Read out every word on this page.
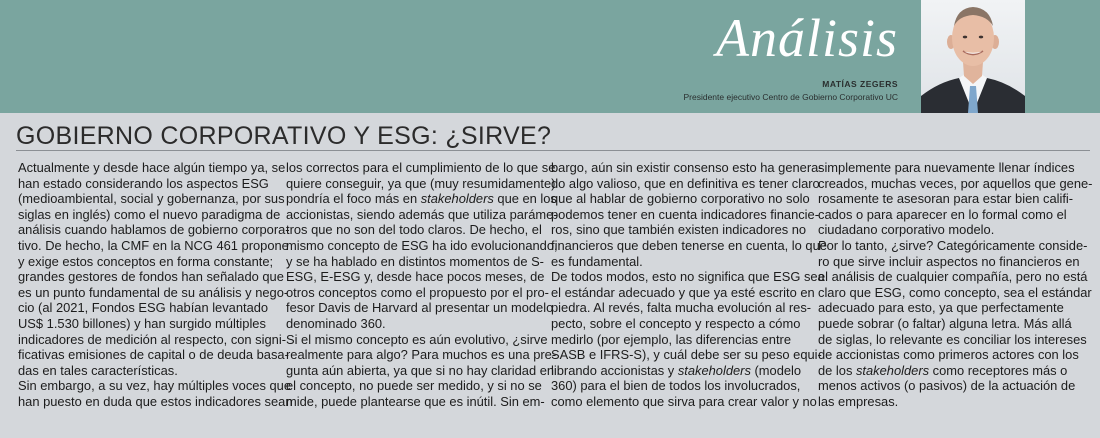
Análisis
MATÍAS ZEGERS
Presidente ejecutivo Centro de Gobierno Corporativo UC
GOBIERNO CORPORATIVO Y ESG: ¿SIRVE?
Actualmente y desde hace algún tiempo ya, se
han estado considerando los aspectos ESG
(medioambiental, social y gobernanza, por sus
siglas en inglés) como el nuevo paradigma de
análisis cuando hablamos de gobierno corpora-
tivo. De hecho, la CMF en la NCG 461 propone
y exige estos conceptos en forma constante;
grandes gestores de fondos han señalado que
es un punto fundamental de su análisis y nego-
cio (al 2021, Fondos ESG habían levantado
US$ 1.530 billones) y han surgido múltiples
indicadores de medición al respecto, con signi-
ficativas emisiones de capital o de deuda basa-
das en tales características.
Sin embargo, a su vez, hay múltiples voces que
han puesto en duda que estos indicadores sean
los correctos para el cumplimiento de lo que se
quiere conseguir, ya que (muy resumidamente)
pondría el foco más en stakeholders que en los
accionistas, siendo además que utiliza paráme-
tros que no son del todo claros. De hecho, el
mismo concepto de ESG ha ido evolucionando,
y se ha hablado en distintos momentos de S-
ESG, E-ESG y, desde hace pocos meses, de
otros conceptos como el propuesto por el pro-
fesor Davis de Harvard al presentar un modelo
denominado 360.
Si el mismo concepto es aún evolutivo, ¿sirve
realmente para algo? Para muchos es una pre-
gunta aún abierta, ya que si no hay claridad en
el concepto, no puede ser medido, y si no se
mide, puede plantearse que es inútil. Sin em-
bargo, aún sin existir consenso esto ha genera-
do algo valioso, que en definitiva es tener claro
que al hablar de gobierno corporativo no solo
podemos tener en cuenta indicadores financie-
ros, sino que también existen indicadores no
financieros que deben tenerse en cuenta, lo que
es fundamental.
De todos modos, esto no significa que ESG sea
el estándar adecuado y que ya esté escrito en
piedra. Al revés, falta mucha evolución al res-
pecto, sobre el concepto y respecto a cómo
medirlo (por ejemplo, las diferencias entre
SASB e IFRS-S), y cuál debe ser su peso equi-
librando accionistas y stakeholders (modelo
360) para el bien de todos los involucrados,
como elemento que sirva para crear valor y no
simplemente para nuevamente llenar índices
creados, muchas veces, por aquellos que gene-
rosamente te asesoran para estar bien califi-
cados o para aparecer en lo formal como el
ciudadano corporativo modelo.
Por lo tanto, ¿sirve? Categóricamente conside-
ro que sirve incluir aspectos no financieros en
el análisis de cualquier compañía, pero no está
claro que ESG, como concepto, sea el estándar
adecuado para esto, ya que perfectamente
puede sobrar (o faltar) alguna letra. Más allá
de siglas, lo relevante es conciliar los intereses
de accionistas como primeros actores con los
de los stakeholders como receptores más o
menos activos (o pasivos) de la actuación de
las empresas.
